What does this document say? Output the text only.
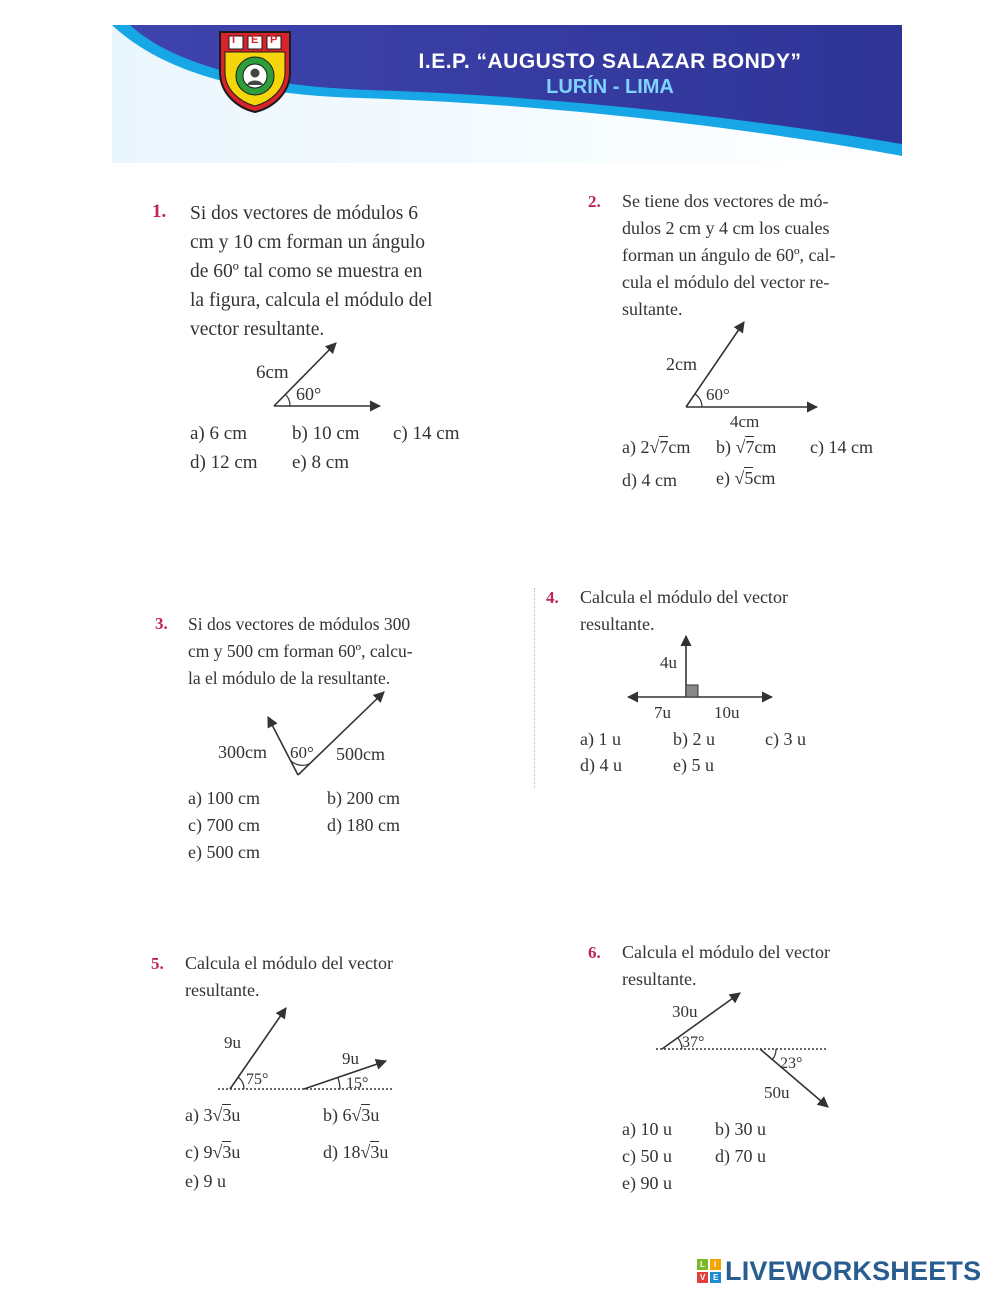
I E P
I.E.P. “AUGUSTO SALAZAR BONDY”
LURÍN - LIMA
1. Si dos vectores de módulos 6
cm y 10 cm forman un ángulo
de 60º tal como se muestra en
la figura, calcula el módulo del
vector resultante.
6cm
60°
a) 6 cm b) 10 cm c) 14 cm
d) 12 cm e) 8 cm
2. Se tiene dos vectores de mó-
dulos 2 cm y 4 cm los cuales
forman un ángulo de 60º, cal-
cula el módulo del vector re-
sultante.
2cm
60°
4cm
a) 2√7cm b) √7cm c) 14 cm
d) 4 cm e) √5cm
3. Si dos vectores de módulos 300
cm y 500 cm forman 60º, calcu-
la el módulo de la resultante.
300cm 60° 500cm
a) 100 cm	b) 200 cm
c) 700 cm	d) 180 cm
e) 500 cm
4. Calcula el módulo del vector
resultante.
4u
7u	10u
a) 1 u	b) 2 u	c) 3 u
d) 4 u	e) 5 u
5. Calcula el módulo del vector
resultante.
9u
75°
9u
15°
a) 3√3u	b) 6√3u
c) 9√3u	d) 18√3u
e) 9 u
6. Calcula el módulo del vector
resultante.
30u
37°
23°
50u
a) 10 u b) 30 u
c) 50 u d) 70 u
e) 90 u
L I
V E LIVEWORKSHEETS
